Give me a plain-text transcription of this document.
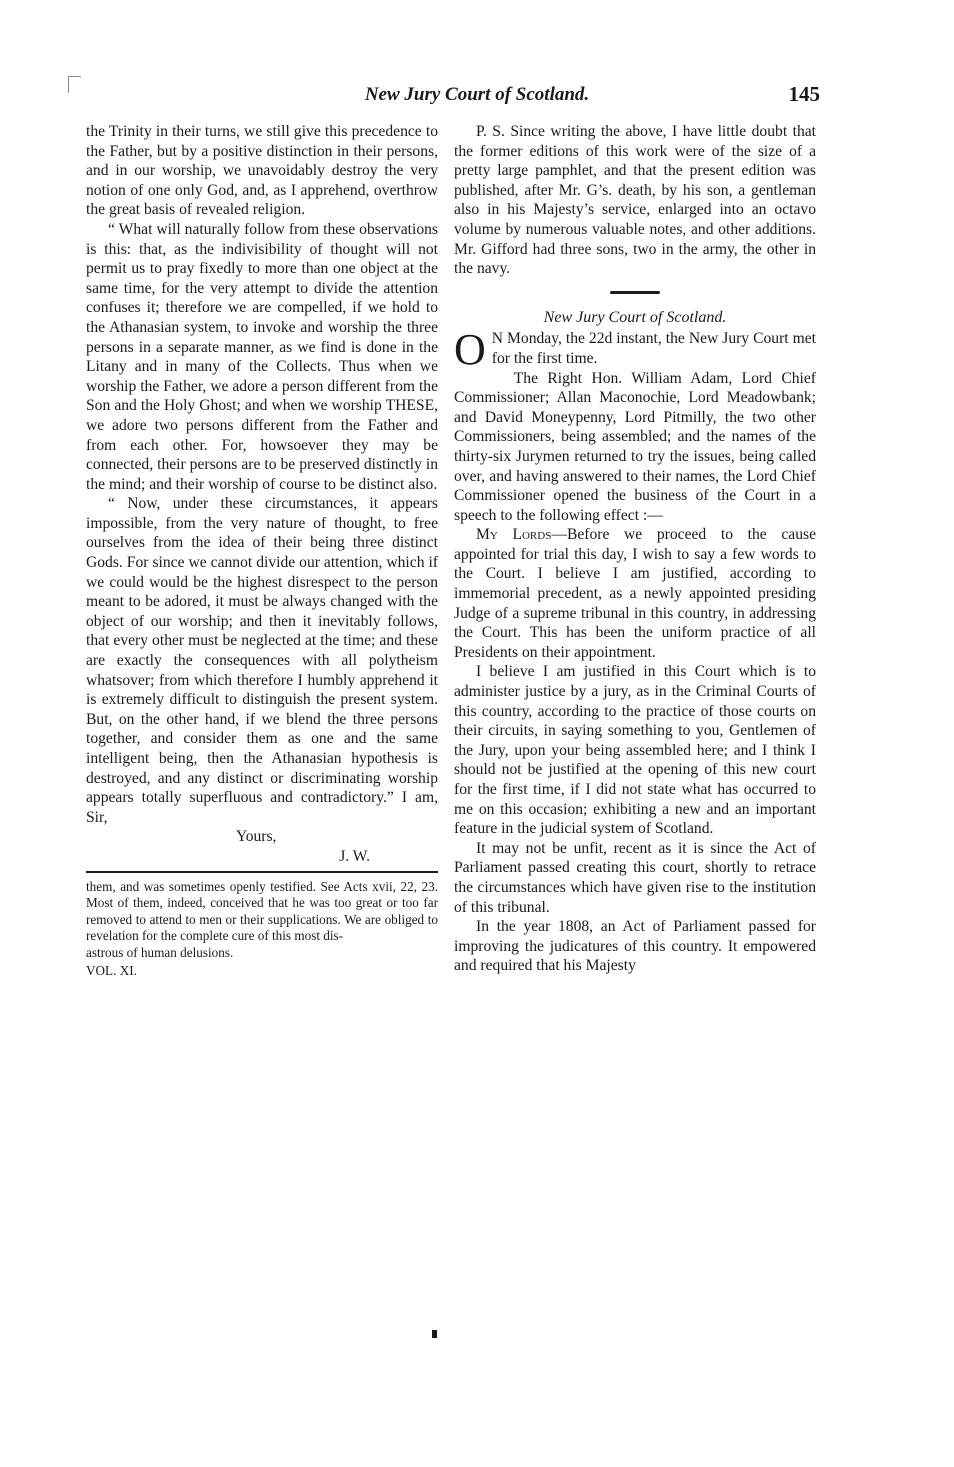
New Jury Court of Scotland.	145

the Trinity in their turns, we still give this precedence to the Father, but by a positive distinction in their persons, and in our worship, we unavoidably destroy the very notion of one only God, and, as I apprehend, overthrow the great basis of revealed religion.

“ What will naturally follow from these observations is this: that, as the indivisibility of thought will not permit us to pray fixedly to more than one object at the same time, for the very attempt to divide the attention confuses it; therefore we are compelled, if we hold to the Athanasian system, to invoke and worship the three persons in a separate manner, as we find is done in the Litany and in many of the Collects. Thus when we worship the Father, we adore a person different from the Son and the Holy Ghost; and when we worship THESE, we adore two persons different from the Father and from each other. For, howsoever they may be connected, their persons are to be preserved distinctly in the mind; and their worship of course to be distinct also.

“ Now, under these circumstances, it appears impossible, from the very nature of thought, to free ourselves from the idea of their being three distinct Gods. For since we cannot divide our attention, which if we could would be the highest disrespect to the person meant to be adored, it must be always changed with the object of our worship; and then it inevitably follows, that every other must be neglected at the time; and these are exactly the consequences with all polytheism whatsover; from which therefore I humbly apprehend it is extremely difficult to distinguish the present system. But, on the other hand, if we blend the three persons together, and consider them as one and the same intelligent being, then the Athanasian hypothesis is destroyed, and any distinct or discriminating worship appears totally superfluous and contradictory.” I am, Sir,

Yours,

J. W.

them, and was sometimes openly testified. See Acts xvii, 22, 23. Most of them, indeed, conceived that he was too great or too far removed to attend to men or their supplications. We are obliged to revelation for the complete cure of this most dis-

astrous of human delusions.

VOL. XI.

P. S. Since writing the above, I have little doubt that the former editions of this work were of the size of a pretty large pamphlet, and that the present edition was published, after Mr. G’s. death, by his son, a gentleman also in his Majesty’s service, enlarged into an octavo volume by numerous valuable notes, and other additions. Mr. Gifford had three sons, two in the army, the other in the navy.

New Jury Court of Scotland.

O N Monday, the 22d instant, the New Jury Court met for the first time.

The Right Hon. William Adam, Lord Chief Commissioner; Allan Maconochie, Lord Meadowbank; and David Moneypenny, Lord Pitmilly, the two other Commissioners, being assembled; and the names of the thirty-six Jurymen returned to try the issues, being called over, and having answered to their names, the Lord Chief Commissioner opened the business of the Court in a speech to the following effect :—

My Lords—Before we proceed to the cause appointed for trial this day, I wish to say a few words to the Court. I believe I am justified, according to immemorial precedent, as a newly appointed presiding Judge of a supreme tribunal in this country, in addressing the Court. This has been the uniform practice of all Presidents on their appointment.

I believe I am justified in this Court which is to administer justice by a jury, as in the Criminal Courts of this country, according to the practice of those courts on their circuits, in saying something to you, Gentlemen of the Jury, upon your being assembled here; and I think I should not be justified at the opening of this new court for the first time, if I did not state what has occurred to me on this occasion; exhibiting a new and an important feature in the judicial system of Scotland.

It may not be unfit, recent as it is since the Act of Parliament passed creating this court, shortly to retrace the circumstances which have given rise to the institution of this tribunal.

In the year 1808, an Act of Parliament passed for improving the judicatures of this country. It empowered and required that his Majesty
